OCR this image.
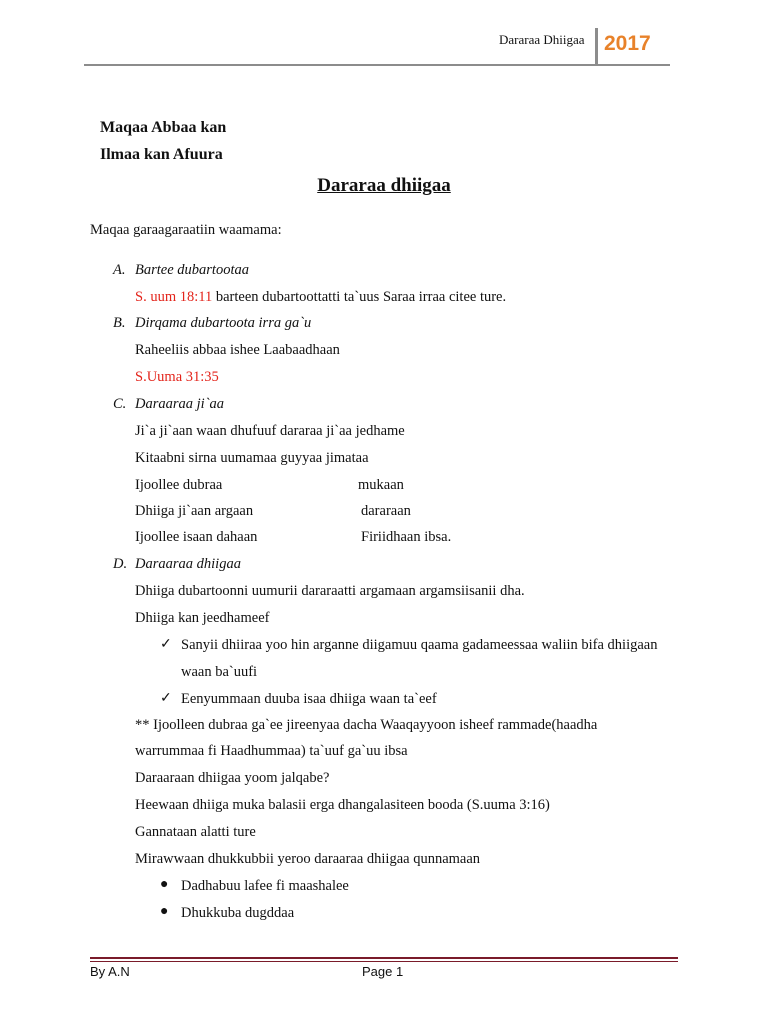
Dararaa Dhiigaa 2017
Maqaa Abbaa kan
Ilmaa kan Afuura
Dararaa dhiigaa
Maqaa garaagaraatiin waamama:
A. Bartee dubartootaa
S. uum 18:11 barteen dubartoottatti ta`uus Saraa irraa citee ture.
B. Dirqama dubartoota irra ga`u
Raheeliis abbaa ishee Laabaadhaan
S.Uuma 31:35
C. Daraaraa ji`aa
Ji`a ji`aan waan dhufuuf dararaa ji`aa jedhame
Kitaabni sirna uumamaa guyyaa jimataa
Ijoollee dubraa	mukaan
Dhiiga ji`aan argaan	dararaan
Ijoollee isaan dahaan	Firiidhaan ibsa.
D. Daraaraa dhiigaa
Dhiiga dubartoonni uumurii dararaatti argamaan argamsiisanii dha.
Dhiiga kan jeedhameef
✓ Sanyii dhiiraa yoo hin arganne diigamuu qaama gadameessaa waliin bifa dhiigaan
waan ba`uufi
✓ Eenyummaan duuba isaa dhiiga waan ta`eef
** Ijoolleen dubraa ga`ee jireenyaa dacha Waaqayyoon isheef rammade(haadha
warrummaa fi Haadhummaa) ta`uuf ga`uu ibsa
Daraaraan dhiigaa yoom jalqabe?
Heewaan dhiiga muka balasii erga dhangalasiteen booda (S.uuma 3:16)
Gannataan alatti ture
Mirawwaan dhukkubbii yeroo daraaraa dhiigaa qunnamaan
● Dadhabuu lafee fi maashalee
● Dhukkuba dugddaa
By A.N	Page 1
